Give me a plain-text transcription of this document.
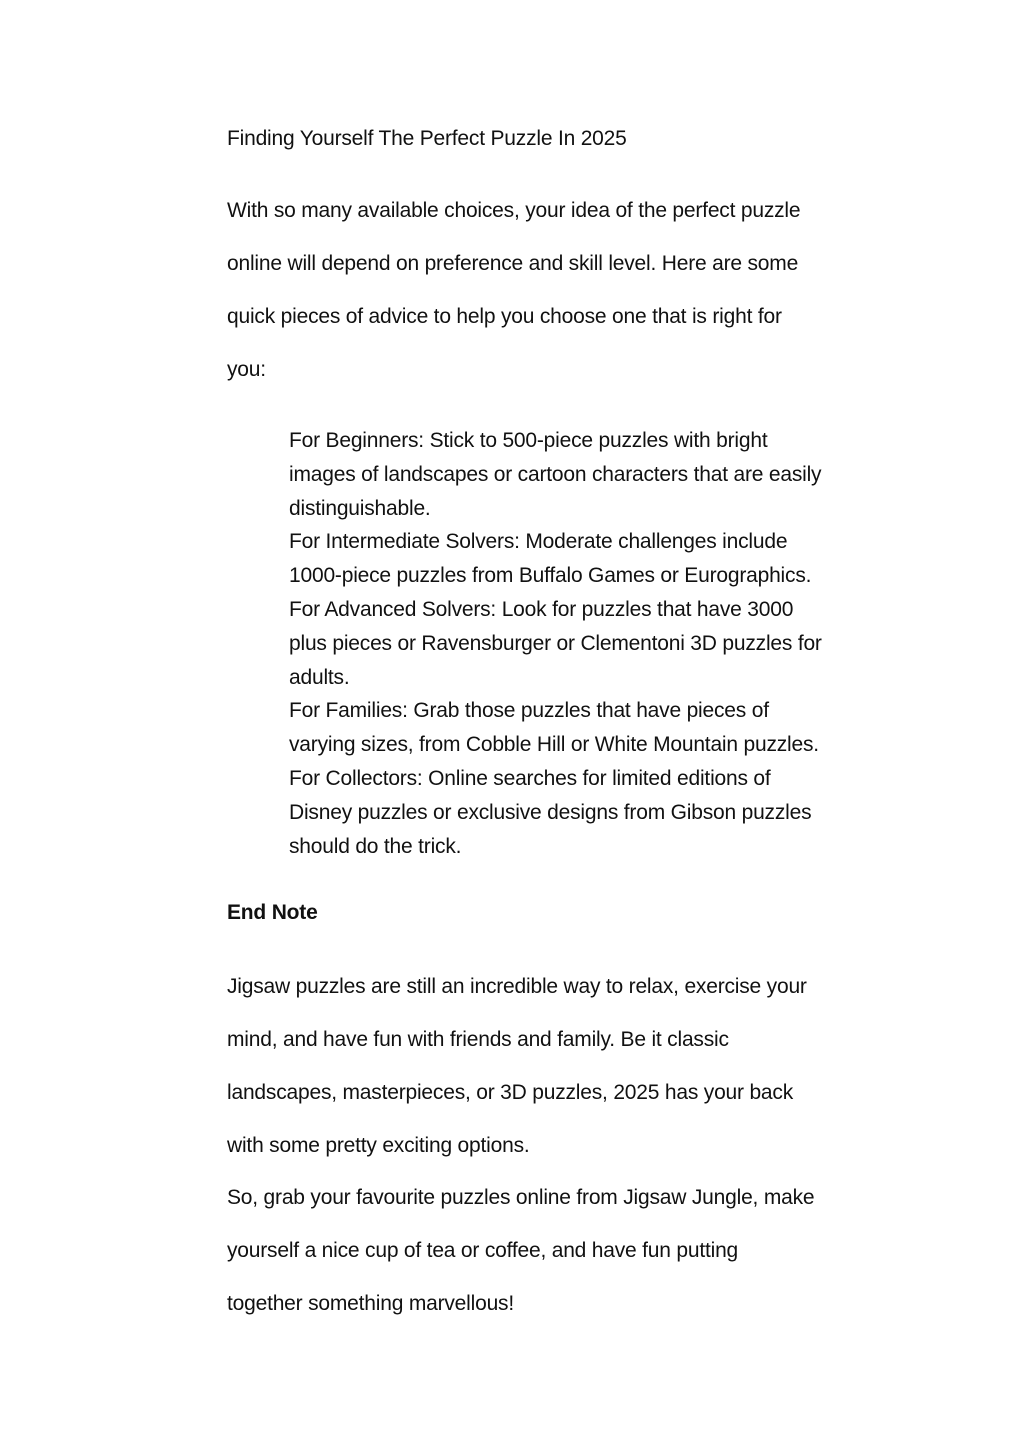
Finding Yourself The Perfect Puzzle In 2025
With so many available choices, your idea of the perfect puzzle
online will depend on preference and skill level. Here are some
quick pieces of advice to help you choose one that is right for
you:
For Beginners: Stick to 500-piece puzzles with bright
images of landscapes or cartoon characters that are easily
distinguishable.
For Intermediate Solvers: Moderate challenges include
1000-piece puzzles from Buffalo Games or Eurographics.
For Advanced Solvers: Look for puzzles that have 3000
plus pieces or Ravensburger or Clementoni 3D puzzles for
adults.
For Families: Grab those puzzles that have pieces of
varying sizes, from Cobble Hill or White Mountain puzzles.
For Collectors: Online searches for limited editions of
Disney puzzles or exclusive designs from Gibson puzzles
should do the trick.
End Note
Jigsaw puzzles are still an incredible way to relax, exercise your
mind, and have fun with friends and family. Be it classic
landscapes, masterpieces, or 3D puzzles, 2025 has your back
with some pretty exciting options.
So, grab your favourite puzzles online from Jigsaw Jungle, make
yourself a nice cup of tea or coffee, and have fun putting
together something marvellous!
